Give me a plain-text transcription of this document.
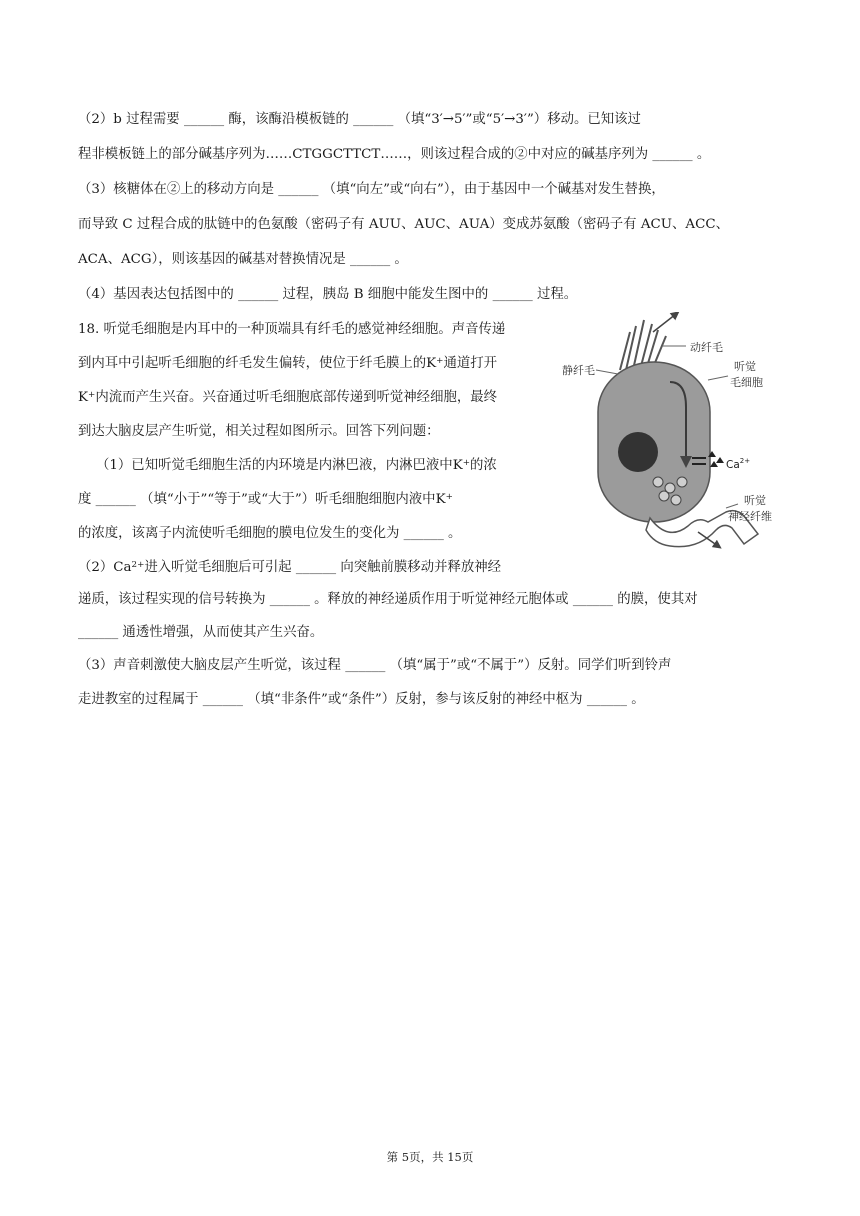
（2）b 过程需要 ______ 酶，该酶沿模板链的 ______ （填“3′→5′”或“5′→3′”）移动。已知该过
程非模板链上的部分碱基序列为……CTGGCTTCT……，则该过程合成的②中对应的碱基序列为 ______ 。
（3）核糖体在②上的移动方向是 ______ （填“向左”或“向右”），由于基因中一个碱基对发生替换，
而导致 C 过程合成的肽链中的色氨酸（密码子有 AUU、AUC、AUA）变成苏氨酸（密码子有 ACU、ACC、
ACA、ACG），则该基因的碱基对替换情况是 ______ 。
（4）基因表达包括图中的 ______ 过程，胰岛 B 细胞中能发生图中的 ______ 过程。
18. 听觉毛细胞是内耳中的一种顶端具有纤毛的感觉神经细胞。声音传递
到内耳中引起听毛细胞的纤毛发生偏转，使位于纤毛膜上的K+通道打开
K+内流而产生兴奋。兴奋通过听毛细胞底部传递到听觉神经细胞，最终
到达大脑皮层产生听觉，相关过程如图所示。回答下列问题：
（1）已知听觉毛细胞生活的内环境是内淋巴液，内淋巴液中K+的浓
度 ______ （填“小于”“等于”或“大于”）听毛细胞细胞内液中K+
的浓度，该离子内流使听毛细胞的膜电位发生的变化为 ______ 。
$(2)Ca^{2+}$进入听觉毛细胞后可引起 ______ 向突触前膜移动并释放神经
递质，该过程实现的信号转换为 ______ 。释放的神经递质作用于听觉神经元胞体或 ______ 的膜，使其对
______ 通透性增强，从而使其产生兴奋。
（3）声音刺激使大脑皮层产生听觉，该过程 ______ （填“属于”或“不属于”）反射。同学们听到铃声
走进教室的过程属于 ______ （填“非条件”或“条件”）反射，参与该反射的神经中枢为 ______ 。
动纤毛
静纤毛	听觉
毛细胞
$Ca^{2+}$
听觉
神经纤维
第 5页，共 15页
